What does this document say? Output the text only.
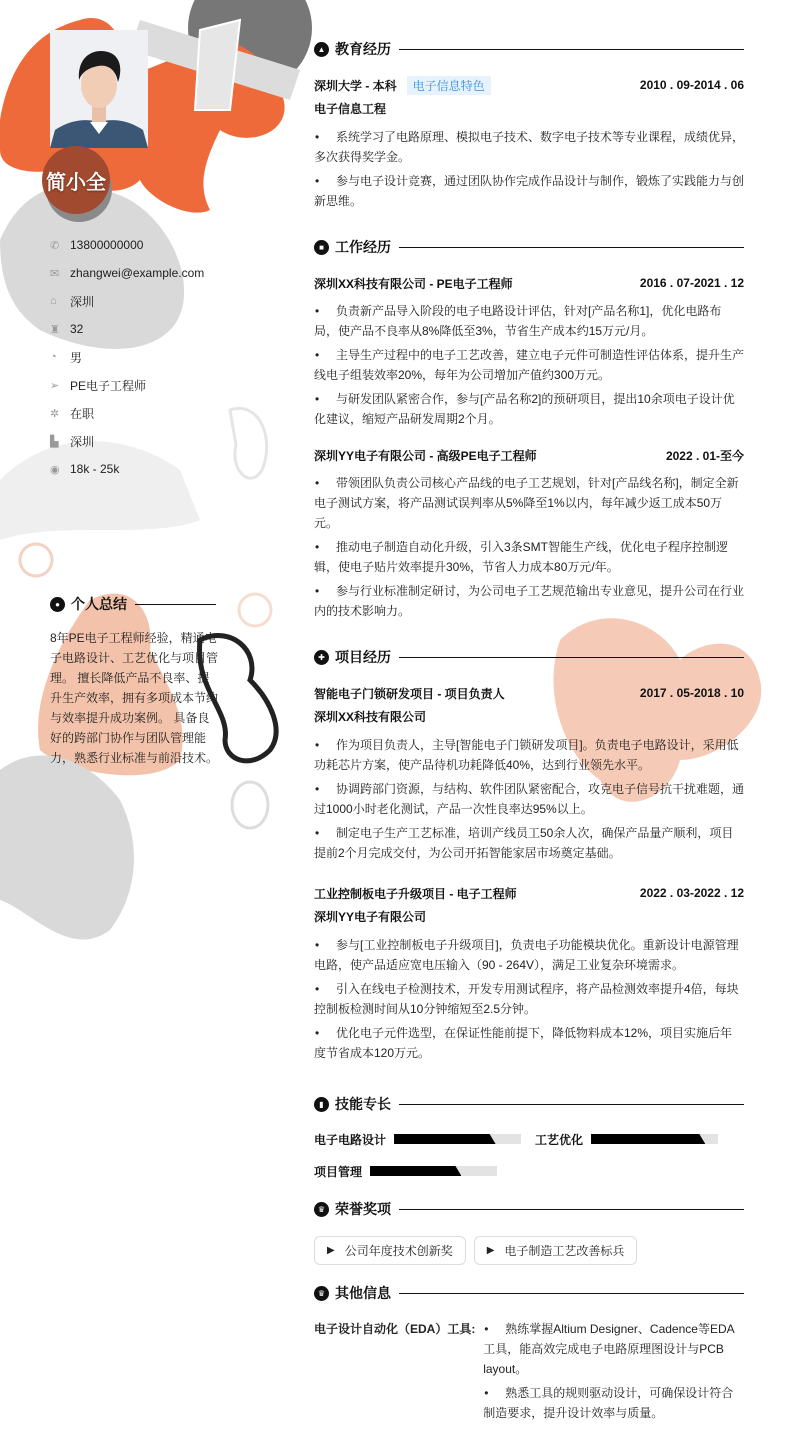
简小全
✆ 13800000000
✉ zhangwei@example.com
⌂	深圳
♜ 32
◔	男
➢ PE电子工程师
✲ 在职
▙ 深圳
◉ 18k - 25k
● 个人总结
8年PE电子工程师经验，精通电子电路设计、工艺优化与项目管理。 擅长降低产品不良率、提升生产效率，拥有多项成本节约与效率提升成功案例。 具备良好的跨部门协作与团队管理能力，熟悉行业标准与前沿技术。
▲ 教育经历
深圳大学 - 本科	电子信息特色	2010 . 09-2014 . 06
电子信息工程
• 系统学习了电路原理、模拟电子技术、数字电子技术等专业课程，成绩优异，多次获得奖学金。
• 参与电子设计竞赛，通过团队协作完成作品设计与制作，锻炼了实践能力与创新思维。
■ 工作经历
深圳XX科技有限公司 - PE电子工程师	2016 . 07-2021 . 12
• 负责新产品导入阶段的电子电路设计评估，针对[产品名称1]，优化电路布局，使产品不良率从8%降低至3%，节省生产成本约15万元/月。
• 主导生产过程中的电子工艺改善，建立电子元件可制造性评估体系，提升生产线电子组装效率20%，每年为公司增加产值约300万元。
• 与研发团队紧密合作，参与[产品名称2]的预研项目，提出10余项电子设计优化建议，缩短产品研发周期2个月。
深圳YY电子有限公司 - 高级PE电子工程师	2022 . 01-至今
• 带领团队负责公司核心产品线的电子工艺规划，针对[产品线名称]，制定全新电子测试方案，将产品测试误判率从5%降至1%以内，每年减少返工成本50万元。
• 推动电子制造自动化升级，引入3条SMT智能生产线，优化电子程序控制逻辑，使电子贴片效率提升30%，节省人力成本80万元/年。
• 参与行业标准制定研讨，为公司电子工艺规范输出专业意见，提升公司在行业内的技术影响力。
✚ 项目经历
智能电子门锁研发项目 - 项目负责人	2017 . 05-2018 . 10
深圳XX科技有限公司
• 作为项目负责人，主导[智能电子门锁研发项目]。负责电子电路设计，采用低功耗芯片方案，使产品待机功耗降低40%，达到行业领先水平。
• 协调跨部门资源，与结构、软件团队紧密配合，攻克电子信号抗干扰难题，通过1000小时老化测试，产品一次性良率达95%以上。
• 制定电子生产工艺标准，培训产线员工50余人次，确保产品量产顺利，项目提前2个月完成交付，为公司开拓智能家居市场奠定基础。
工业控制板电子升级项目 - 电子工程师	2022 . 03-2022 . 12
深圳YY电子有限公司
• 参与[工业控制板电子升级项目]，负责电子功能模块优化。重新设计电源管理电路，使产品适应宽电压输入（90 - 264V），满足工业复杂环境需求。
• 引入在线电子检测技术，开发专用测试程序，将产品检测效率提升4倍，每块控制板检测时间从10分钟缩短至2.5分钟。
• 优化电子元件选型，在保证性能前提下，降低物料成本12%，项目实施后年度节省成本120万元。
▮ 技能专长
电子电路设计	工艺优化
项目管理
♛ 荣誉奖项
▶ 公司年度技术创新奖	▶ 电子制造工艺改善标兵
♛ 其他信息
电子设计自动化（EDA）工具: • 熟练掌握Altium Designer、Cadence等EDA工具，能高效完成电子电路原理图设计与PCB layout。
• 熟悉工具的规则驱动设计，可确保设计符合制造要求，提升设计效率与质量。
